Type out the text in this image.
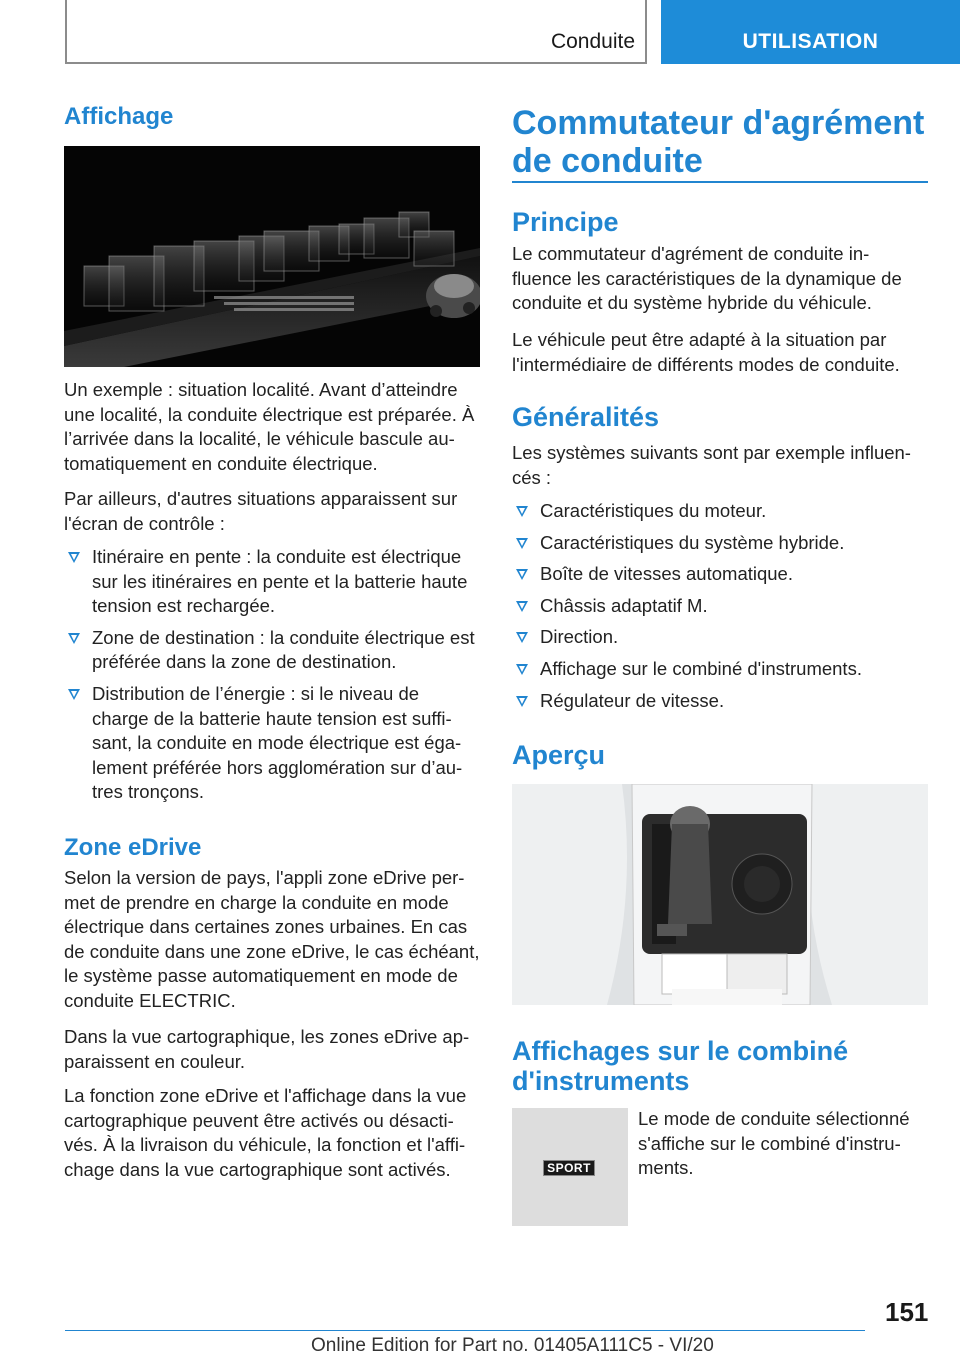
Conduite	UTILISATION
Affichage

Un exemple : situation localité. Avant d’atteindre une localité, la conduite électrique est préparée. À l’arrivée dans la localité, le véhicule bascule au-tomatiquement en conduite électrique.

Par ailleurs, d'autres situations apparaissent sur l'écran de contrôle :

Itinéraire en pente : la conduite est électrique sur les itinéraires en pente et la batterie haute tension est rechargée.
Zone de destination : la conduite électrique est préférée dans la zone de destination.
Distribution de l’énergie : si le niveau de charge de la batterie haute tension est suffi-sant, la conduite en mode électrique est éga-lement préférée hors agglomération sur d’au-tres tronçons.
Zone eDrive

Selon la version de pays, l'appli zone eDrive per-met de prendre en charge la conduite en mode électrique dans certaines zones urbaines. En cas de conduite dans une zone eDrive, le cas échéant, le système passe automatiquement en mode de conduite ELECTRIC.

Dans la vue cartographique, les zones eDrive ap-paraissent en couleur.

La fonction zone eDrive et l'affichage dans la vue cartographique peuvent être activés ou désacti-vés. À la livraison du véhicule, la fonction et l'affi-chage dans la vue cartographique sont activés.

Commutateur d'agrément de conduite
Principe

Le commutateur d'agrément de conduite in-fluence les caractéristiques de la dynamique de conduite et du système hybride du véhicule.

Le véhicule peut être adapté à la situation par l'intermédiaire de différents modes de conduite.

Généralités

Les systèmes suivants sont par exemple influen-cés :

Caractéristiques du moteur.
Caractéristiques du système hybride.
Boîte de vitesses automatique.
Châssis adaptatif M.
Direction.
Affichage sur le combiné d'instruments.
Régulateur de vitesse.
Aperçu
Affichages sur le combiné d'instruments
SPORT

Le mode de conduite sélectionné s'affiche sur le combiné d'instru-ments.

151
Online Edition for Part no. 01405A111C5 - VI/20
